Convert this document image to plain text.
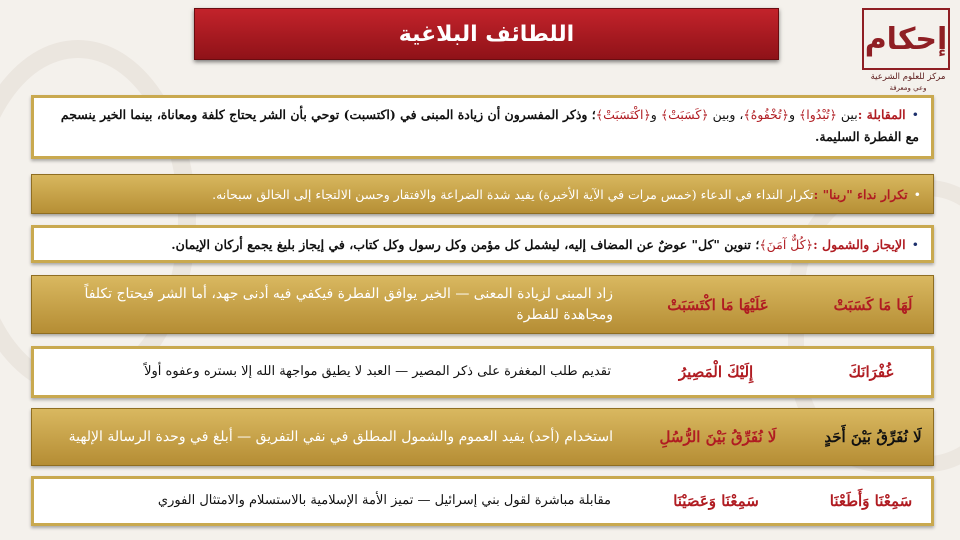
اللطائف البلاغية	إحكام
مركز للعلوم الشرعية
وعي ومعرفة
•المقابلة :بين ﴿تُبْدُوا﴾ و﴿تُخْفُوهُ﴾، وبين ﴿كَسَبَتْ﴾ و﴿اكْتَسَبَتْ﴾؛ وذكر المفسرون أن زيادة المبنى في (اكتسبت) توحي بأن الشر يحتاج كلفة ومعاناة، بينما الخير ينسجم مع الفطرة السليمة.
•تكرار نداء "ربنا" :تكرار النداء في الدعاء (خمس مرات في الآية الأخيرة) يفيد شدة الضراعة والافتقار وحسن الالتجاء إلى الخالق سبحانه.
•الإيجاز والشمول :﴿كُلٌّ آمَنَ﴾؛ تنوين "كل" عوضٌ عن المضاف إليه، ليشمل كل مؤمن وكل رسول وكل كتاب، في إيجاز بليغ يجمع أركان الإيمان.
لَهَا مَا كَسَبَتْ
عَلَيْهَا مَا اكْتَسَبَتْ
زاد المبنى لزيادة المعنى — الخير يوافق الفطرة فيكفي فيه أدنى جهد، أما الشر فيحتاج تكلفاً ومجاهدة للفطرة
غُفْرَانَكَ
إِلَيْكَ الْمَصِيرُ
تقديم طلب المغفرة على ذكر المصير — العبد لا يطيق مواجهة الله إلا بستره وعفوه أولاً
لَا نُفَرِّقُ بَيْنَ أَحَدٍ
لَا نُفَرِّقُ بَيْنَ الرُّسُلِ
استخدام (أحد) يفيد العموم والشمول المطلق في نفي التفريق — أبلغ في وحدة الرسالة الإلهية
سَمِعْنَا وَأَطَعْنَا
سَمِعْنَا وَعَصَيْنَا
مقابلة مباشرة لقول بني إسرائيل — تميز الأمة الإسلامية بالاستسلام والامتثال الفوري
